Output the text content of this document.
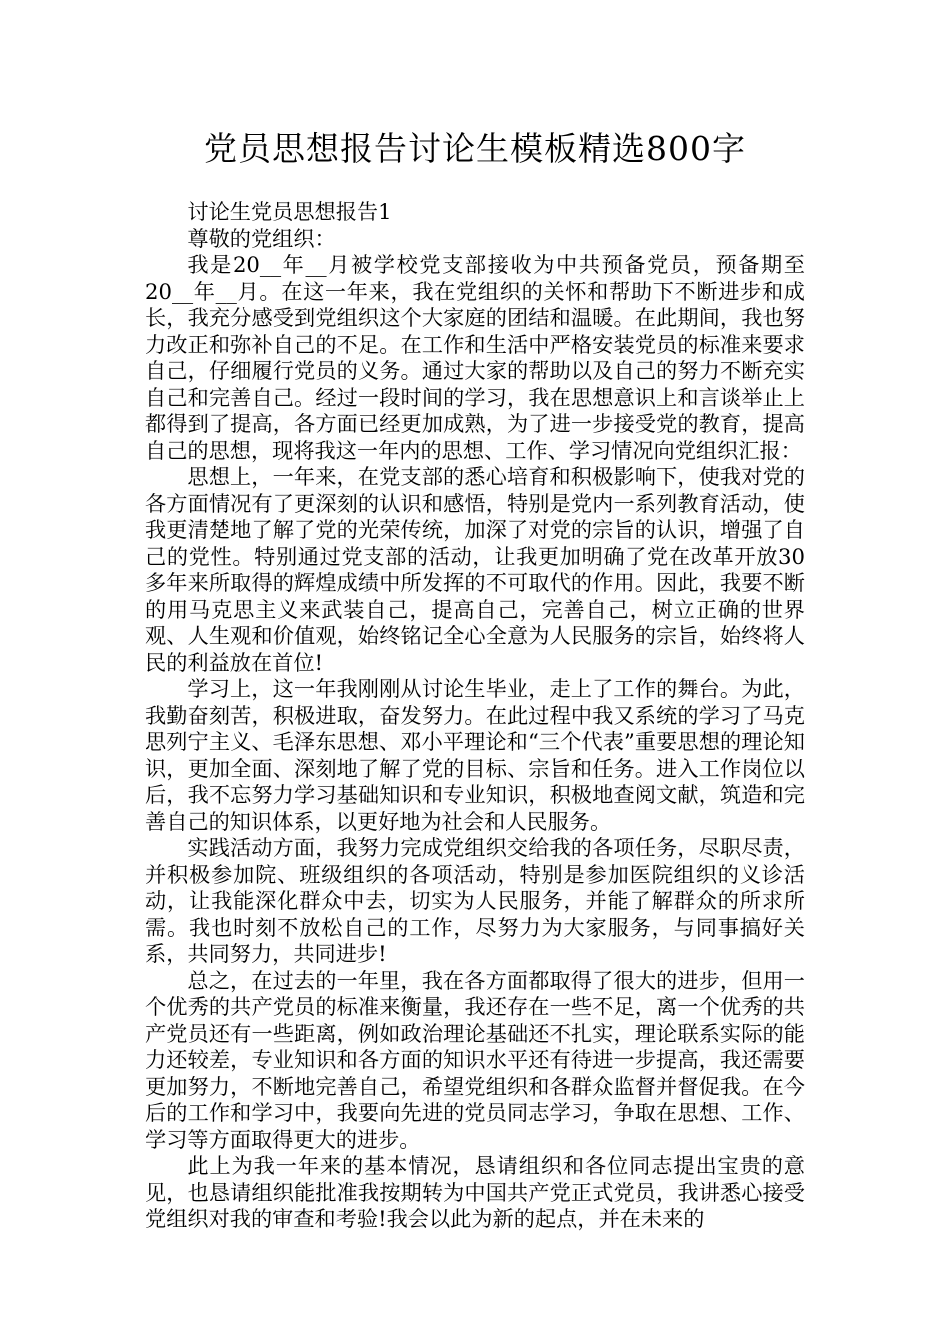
党员思想报告讨论生模板精选800字

讨论生党员思想报告1

尊敬的党组织：

我是20__年__月被学校党支部接收为中共预备党员，预备期至20__年__月。在这一年来，我在党组织的关怀和帮助下不断进步和成长，我充分感受到党组织这个大家庭的团结和温暖。在此期间，我也努力改正和弥补自己的不足。在工作和生活中严格安装党员的标准来要求自己，仔细履行党员的义务。通过大家的帮助以及自己的努力不断充实自己和完善自己。经过一段时间的学习，我在思想意识上和言谈举止上都得到了提高，各方面已经更加成熟，为了进一步接受党的教育，提高自己的思想，现将我这一年内的思想、工作、学习情况向党组织汇报：

思想上，一年来，在党支部的悉心培育和积极影响下，使我对党的各方面情况有了更深刻的认识和感悟，特别是党内一系列教育活动，使我更清楚地了解了党的光荣传统，加深了对党的宗旨的认识，增强了自己的党性。特别通过党支部的活动，让我更加明确了党在改革开放30多年来所取得的辉煌成绩中所发挥的不可取代的作用。因此，我要不断的用马克思主义来武装自己，提高自己，完善自己，树立正确的世界观、人生观和价值观，始终铭记全心全意为人民服务的宗旨，始终将人民的利益放在首位!

学习上，这一年我刚刚从讨论生毕业，走上了工作的舞台。为此，我勤奋刻苦，积极进取，奋发努力。在此过程中我又系统的学习了马克思列宁主义、毛泽东思想、邓小平理论和“三个代表”重要思想的理论知识，更加全面、深刻地了解了党的目标、宗旨和任务。进入工作岗位以后，我不忘努力学习基础知识和专业知识，积极地查阅文献，筑造和完善自己的知识体系，以更好地为社会和人民服务。

实践活动方面，我努力完成党组织交给我的各项任务，尽职尽责，并积极参加院、班级组织的各项活动，特别是参加医院组织的义诊活动，让我能深化群众中去，切实为人民服务，并能了解群众的所求所需。我也时刻不放松自己的工作，尽努力为大家服务，与同事搞好关系，共同努力，共同进步!

总之，在过去的一年里，我在各方面都取得了很大的进步，但用一个优秀的共产党员的标准来衡量，我还存在一些不足，离一个优秀的共产党员还有一些距离，例如政治理论基础还不扎实，理论联系实际的能力还较差，专业知识和各方面的知识水平还有待进一步提高，我还需要更加努力，不断地完善自己，希望党组织和各群众监督并督促我。在今后的工作和学习中，我要向先进的党员同志学习，争取在思想、工作、学习等方面取得更大的进步。

此上为我一年来的基本情况，恳请组织和各位同志提出宝贵的意见，也恳请组织能批准我按期转为中国共产党正式党员，我讲悉心接受党组织对我的审查和考验!我会以此为新的起点，并在未来的
